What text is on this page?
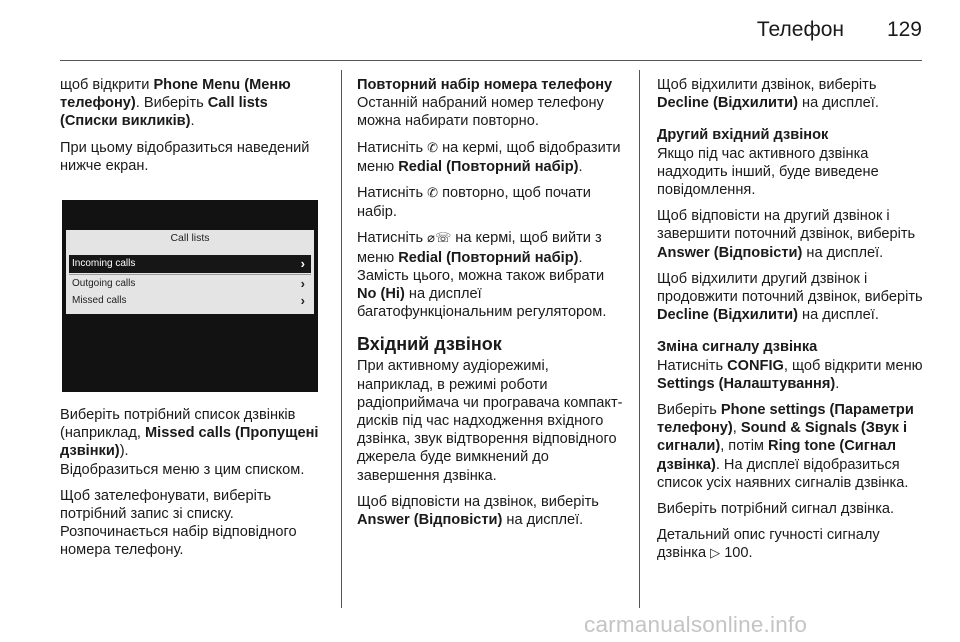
Телефон 129

щоб відкрити Phone Menu (Меню телефону). Виберіть Call lists (Списки викликів).

При цьому відобразиться наведений нижче екран.

Call lists
Incoming calls	›
Outgoing calls	›
Missed calls	›

Виберіть потрібний список дзвінків (наприклад, Missed calls (Пропущені дзвінки)).

Відобразиться меню з цим списком.

Щоб зателефонувати, виберіть потрібний запис зі списку.

Розпочинається набір відповідного номера телефону.

Повторний набір номера телефону

Останній набраний номер телефону можна набирати повторно.

Натисніть ✆ на кермі, щоб відобразити меню Redial (Повторний набір).

Натисніть ✆ повторно, щоб почати набір.

Натисніть ⌀☏ на кермі, щоб вийти з меню Redial (Повторний набір). Замість цього, можна також вибрати No (Ні) на дисплеї багатофункціональним регулятором.

Вхідний дзвінок

При активному аудіорежимі, наприклад, в режимі роботи радіоприймача чи програвача компакт-дисків під час надходження вхідного дзвінка, звук відтворення відповідного джерела буде вимкнений до завершення дзвінка.

Щоб відповісти на дзвінок, виберіть Answer (Відповісти) на дисплеї.

Щоб відхилити дзвінок, виберіть Decline (Відхилити) на дисплеї.

Другий вхідний дзвінок

Якщо під час активного дзвінка надходить інший, буде виведене повідомлення.

Щоб відповісти на другий дзвінок і завершити поточний дзвінок, виберіть Answer (Відповісти) на дисплеї.

Щоб відхилити другий дзвінок і продовжити поточний дзвінок, виберіть Decline (Відхилити) на дисплеї.

Зміна сигналу дзвінка

Натисніть CONFIG, щоб відкрити меню Settings (Налаштування).

Виберіть Phone settings (Параметри телефону), Sound & Signals (Звук і сигнали), потім Ring tone (Сигнал дзвінка). На дисплеї відобразиться список усіх наявних сигналів дзвінка.

Виберіть потрібний сигнал дзвінка.

Детальний опис гучності сигналу дзвінка ▷ 100.

carmanualsonline.info
